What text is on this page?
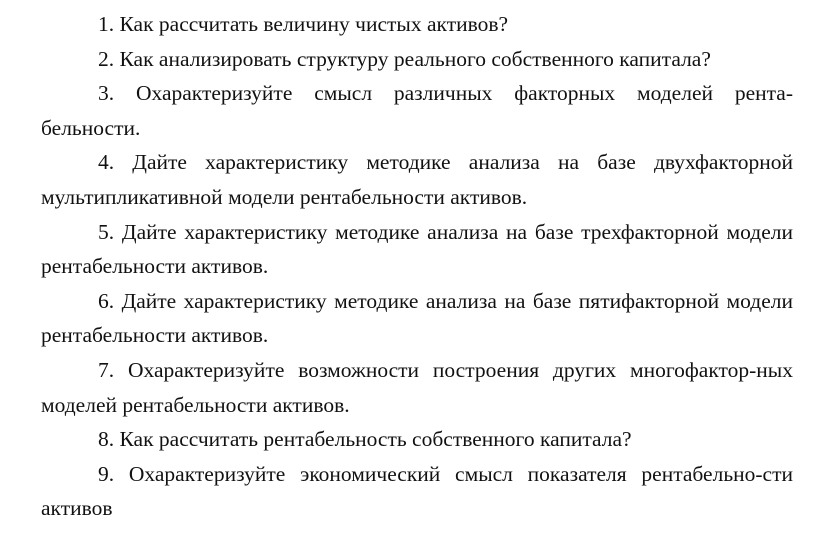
1. Как рассчитать величину чистых активов?
2. Как анализировать структуру реального собственного капитала?
3. Охарактеризуйте смысл различных факторных моделей рента-бельности.
4. Дайте характеристику методике анализа на базе двухфакторной мультипликативной модели рентабельности активов.
5. Дайте характеристику методике анализа на базе трехфакторной модели рентабельности активов.
6. Дайте характеристику методике анализа на базе пятифакторной модели рентабельности активов.
7. Охарактеризуйте возможности построения других многофактор-ных моделей рентабельности активов.
8. Как рассчитать рентабельность собственного капитала?
9. Охарактеризуйте экономический смысл показателя рентабельно-сти активов
